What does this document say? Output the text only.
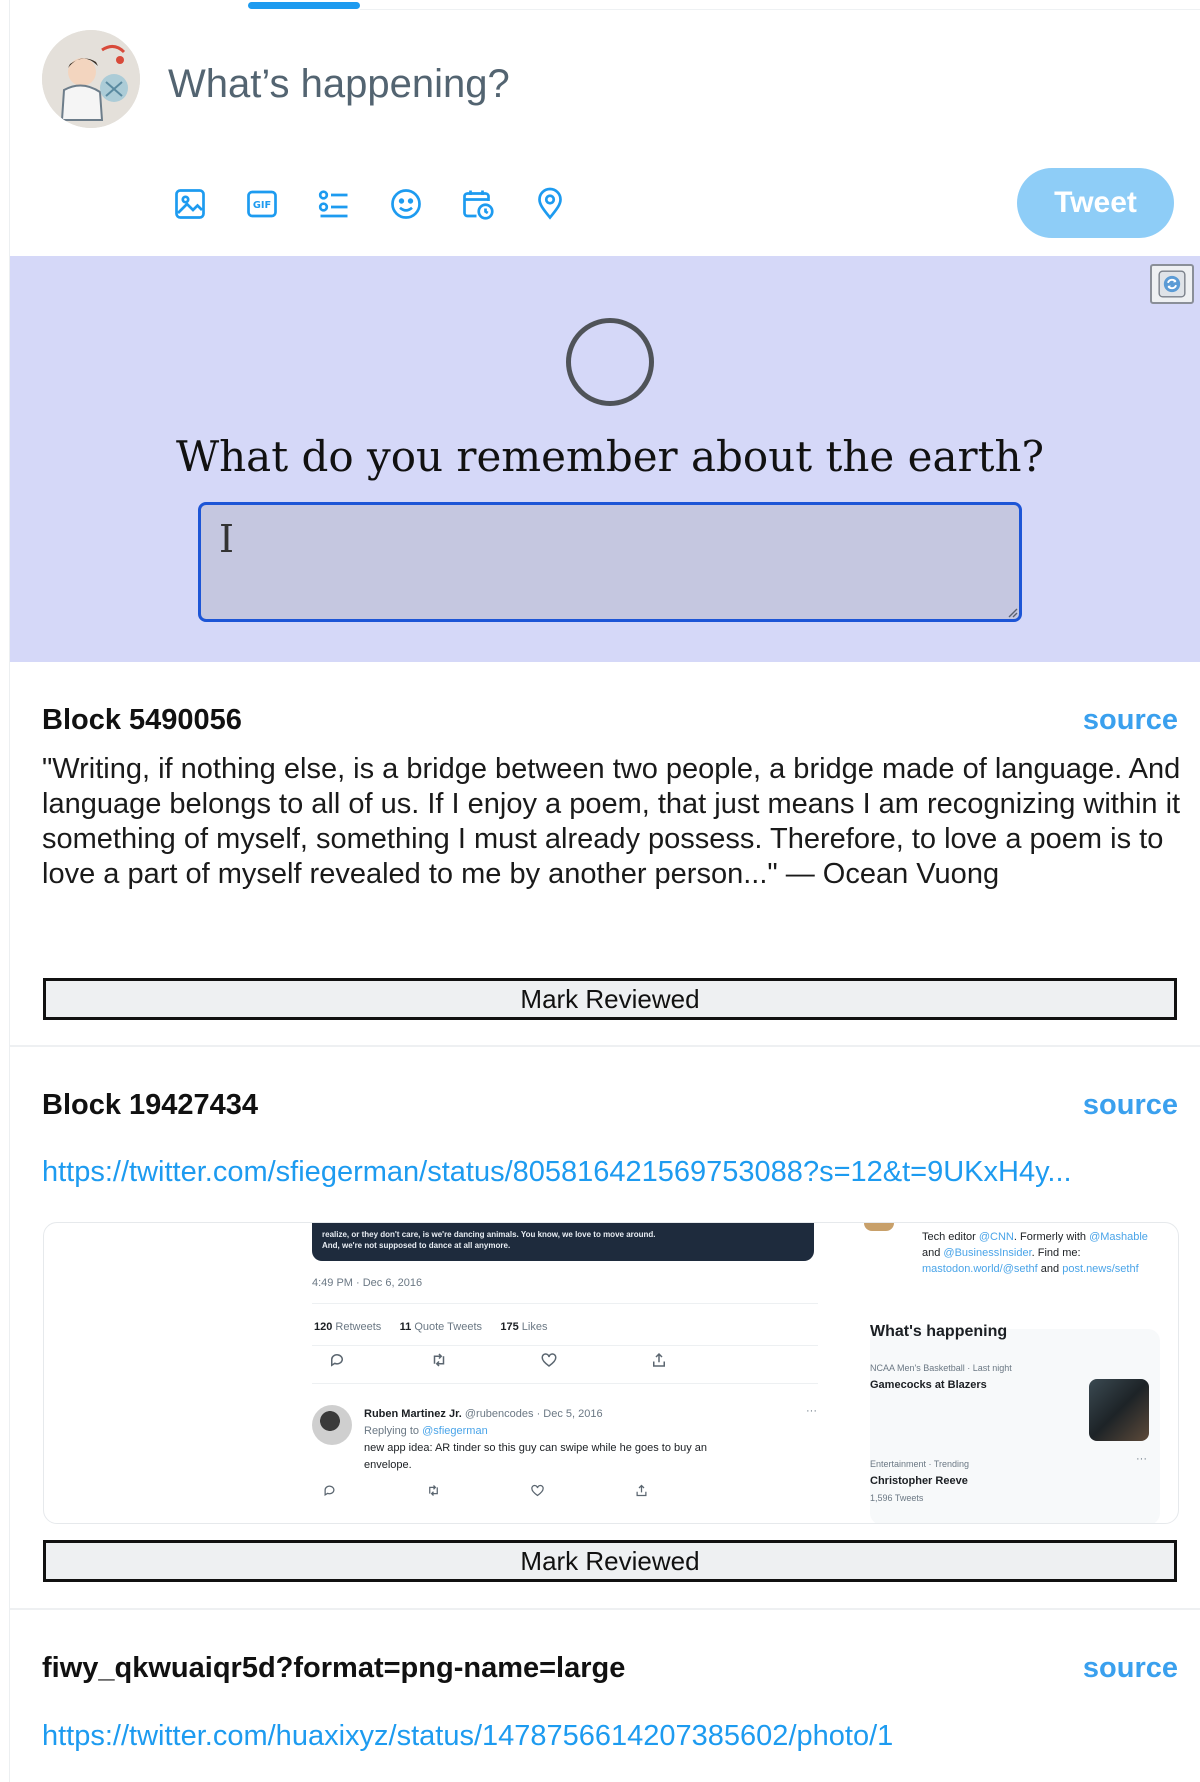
What’s happening?
GIF	Tweet
What do you remember about the earth?
I
Block 5490056	source
"Writing, if nothing else, is a bridge between two people, a bridge made of language. And language belongs to all of us. If I enjoy a poem, that just means I am recognizing within it something of myself, something I must already possess. Therefore, to love a poem is to love a part of myself revealed to me by another person..." — Ocean Vuong
Mark Reviewed
Block 19427434	source
https://twitter.com/sfiegerman/status/805816421569753088?s=12&t=9UKxH4y...
realize, or they don't care, is we're dancing animals. You know, we love to move around.
And, we're not supposed to dance at all anymore.
4:49 PM · Dec 6, 2016
120 Retweets 11 Quote Tweets 175 Likes
Ruben Martinez Jr. @rubencodes · Dec 5, 2016	···
Replying to @sfiegerman
new app idea: AR tinder so this guy can swipe while he goes to buy an
envelope.
Tech editor @CNN. Formerly with @Mashable and @BusinessInsider. Find me: mastodon.world/@sethf and post.news/sethf
What's happening
NCAA Men's Basketball · Last night
Gamecocks at Blazers
Entertainment · Trending	···
Christopher Reeve
1,596 Tweets
Mark Reviewed
fiwy_qkwuaiqr5d?format=png-name=large	source
https://twitter.com/huaxixyz/status/1478756614207385602/photo/1
